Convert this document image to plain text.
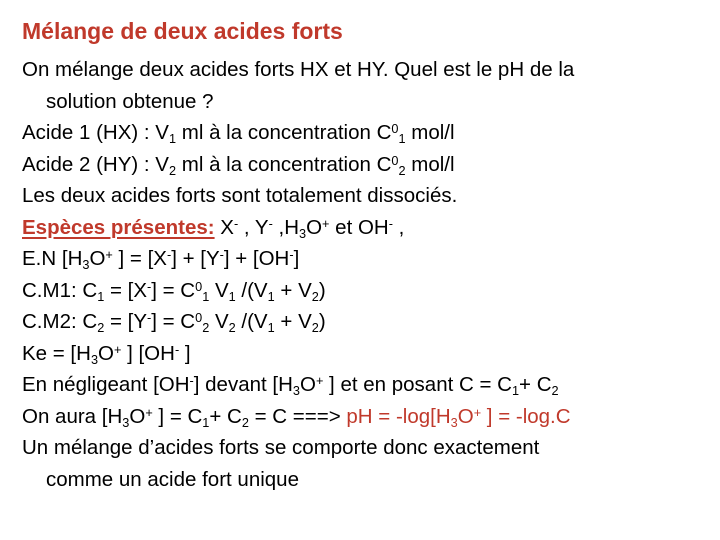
Mélange de deux acides forts
On mélange deux acides forts HX et HY. Quel est le pH de la
solution obtenue ?
Acide 1 (HX) : $V_1$ ml à la concentration $C^0_1$ mol/l
Acide 2 (HY) : $V_2$ ml à la concentration $C^0_2$ mol/l
Les deux acides forts sont totalement dissociés.
Espèces présentes: X- , Y- $,H_3O^+$ et OH- ,
E.N [$H_3O^+$ ] = [X-] + [Y-] + [OH-]
C.M1: $C_1 = [X^-] = C^0_1$ $V_1$ $/(V_1 + V_2)$
C.M2: $C_2 = [Y^-] = C^0_2$ $V_2$ $/(V_1 + V_2)$
$Ke = [H_3O^+$ ] [OH- ]
En négligeant [OH-] devant [$H_3O^+$ ] et en posant $C = C_1+ C_2$
On aura [$H_3O^+$ ] = $C_1+ C_2 = C$ ===> pH = $-\log[H_3O^+$ ] = -log.C
Un mélange d’acides forts se comporte donc exactement
comme un acide fort unique
